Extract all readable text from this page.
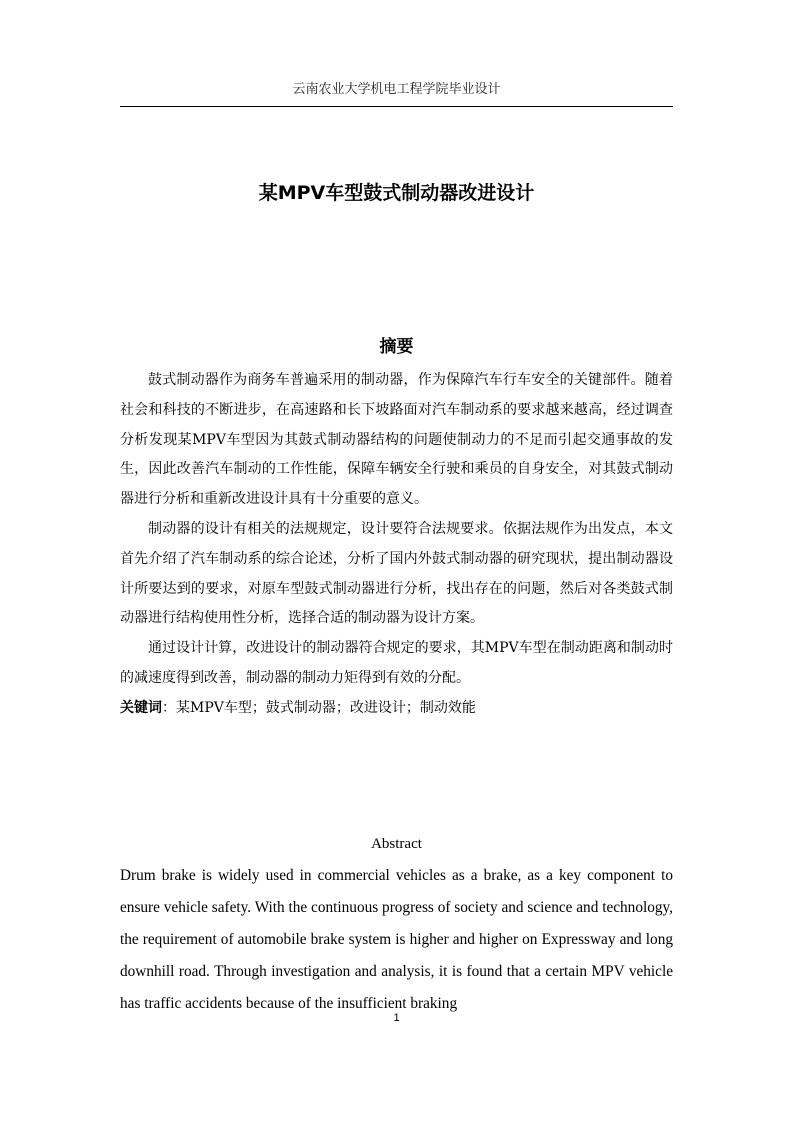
云南农业大学机电工程学院毕业设计
某MPV车型鼓式制动器改进设计
摘要

鼓式制动器作为商务车普遍采用的制动器，作为保障汽车行车安全的关键部件。随着社会和科技的不断进步，在高速路和长下坡路面对汽车制动系的要求越来越高，经过调查分析发现某MPV车型因为其鼓式制动器结构的问题使制动力的不足而引起交通事故的发生，因此改善汽车制动的工作性能，保障车辆安全行驶和乘员的自身安全，对其鼓式制动器进行分析和重新改进设计具有十分重要的意义。

制动器的设计有相关的法规规定，设计要符合法规要求。依据法规作为出发点，本文首先介绍了汽车制动系的综合论述，分析了国内外鼓式制动器的研究现状，提出制动器设计所要达到的要求，对原车型鼓式制动器进行分析，找出存在的问题，然后对各类鼓式制动器进行结构使用性分析，选择合适的制动器为设计方案。

通过设计计算，改进设计的制动器符合规定的要求，其MPV车型在制动距离和制动时的减速度得到改善，制动器的制动力矩得到有效的分配。

关键词：某MPV车型；鼓式制动器；改进设计；制动效能
Abstract

Drum brake is widely used in commercial vehicles as a brake, as a key component to ensure vehicle safety. With the continuous progress of society and science and technology, the requirement of automobile brake system is higher and higher on Expressway and long downhill road. Through investigation and analysis, it is found that a certain MPV vehicle has traffic accidents because of the insufficient braking

1
